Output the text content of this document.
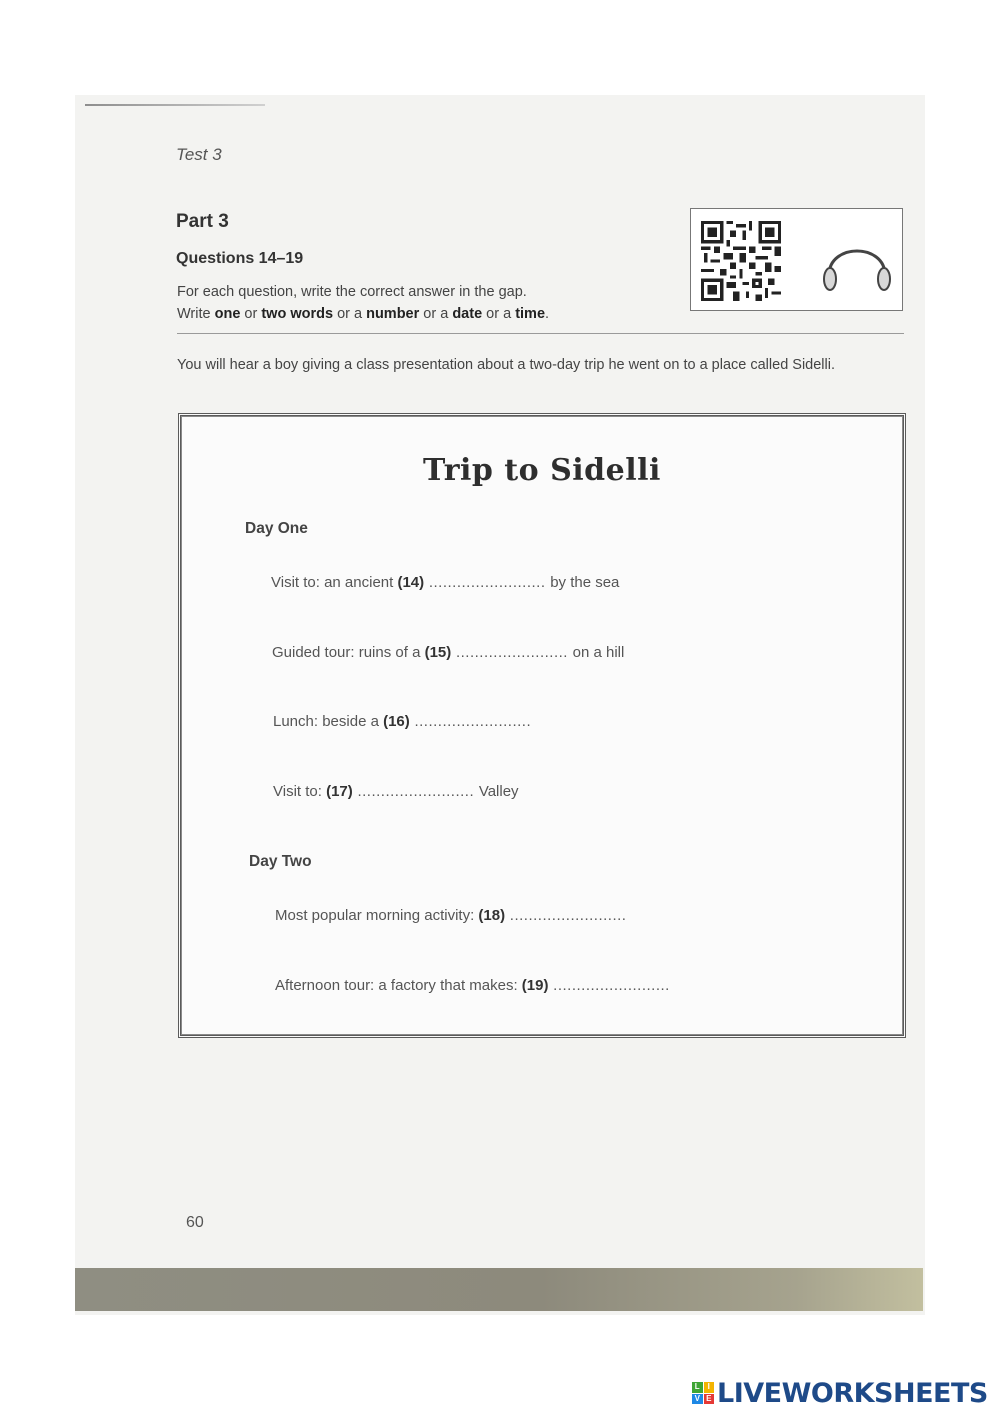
Test 3
Part 3
Questions 14–19
For each question, write the correct answer in the gap.
Write one or two words or a number or a date or a time.
You will hear a boy giving a class presentation about a two-day trip he went on to a place called Sidelli.
Trip to Sidelli
Day One
Visit to: an ancient (14) ......................... by the sea
Guided tour: ruins of a (15) ........................ on a hill
Lunch: beside a (16) .........................
Visit to: (17) ......................... Valley
Day Two
Most popular morning activity: (18) .........................
Afternoon tour: a factory that makes: (19) .........................
60
L I
V E LIVEWORKSHEETS
